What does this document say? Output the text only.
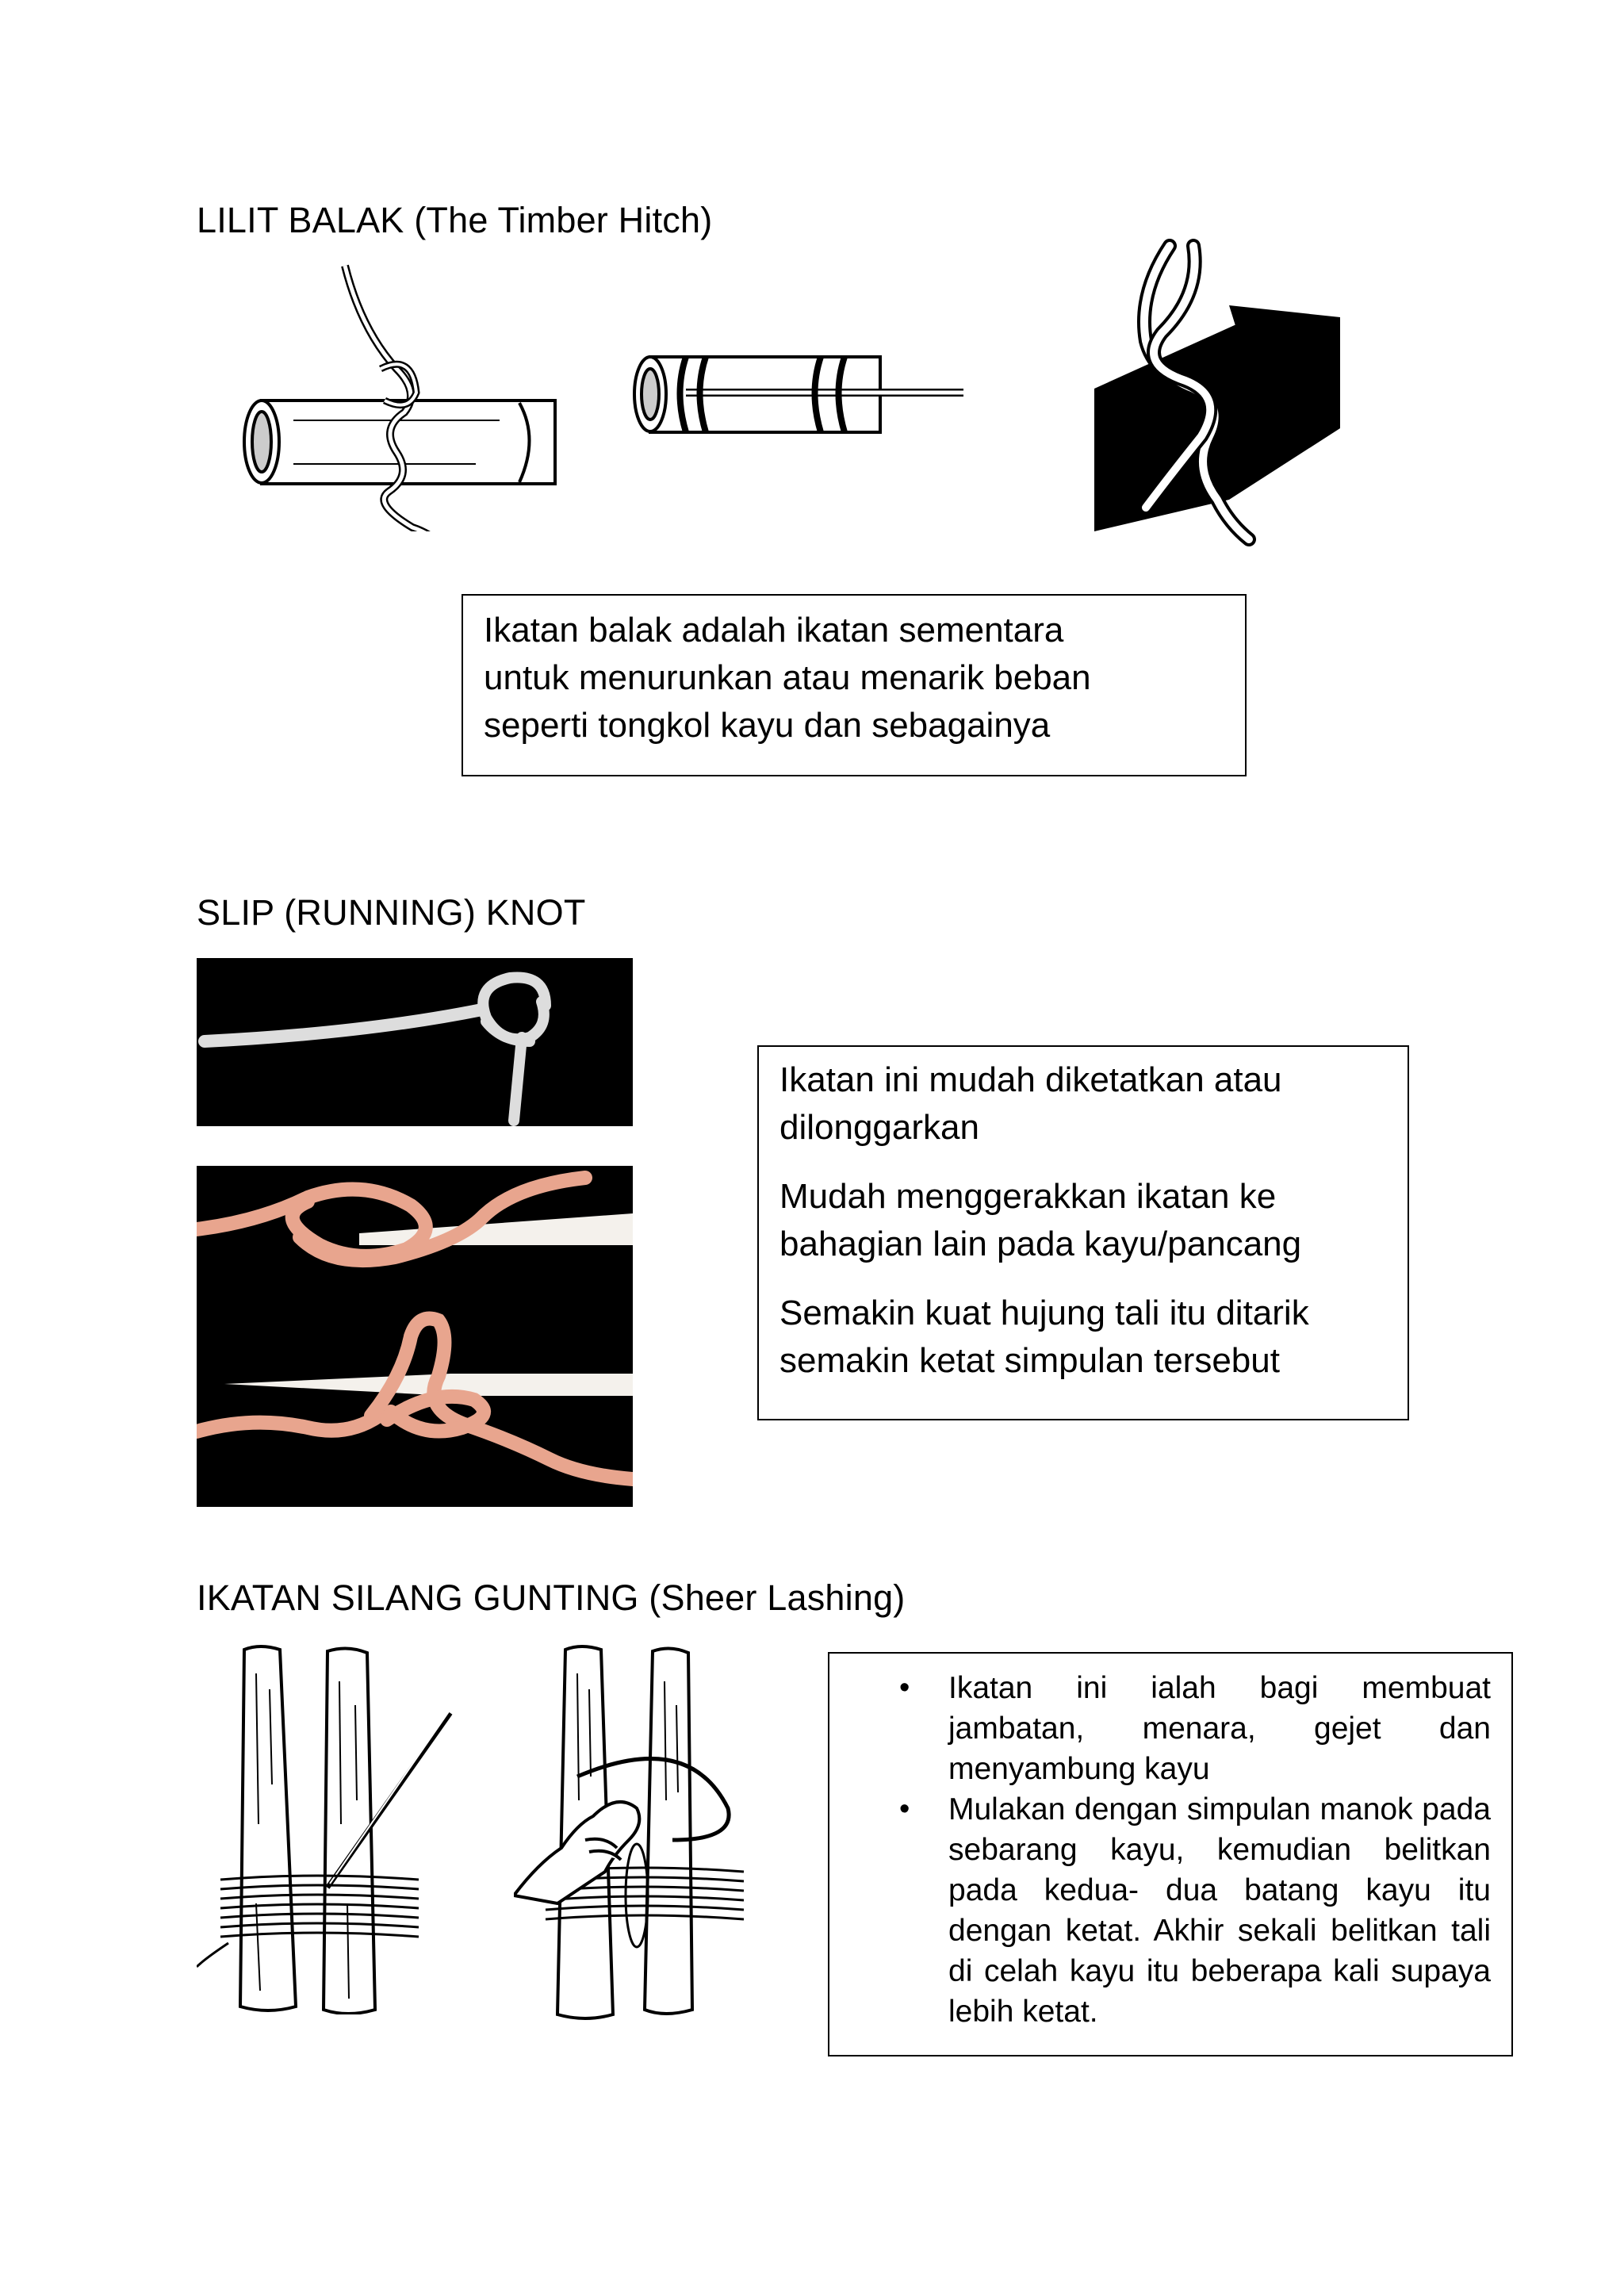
LILIT BALAK (The Timber Hitch)

Ikatan balak adalah ikatan sementara

untuk menurunkan atau menarik beban

seperti tongkol kayu dan sebagainya

SLIP (RUNNING) KNOT

Ikatan ini mudah diketatkan atau dilonggarkan

Mudah menggerakkan ikatan ke bahagian lain pada kayu/pancang

Semakin kuat hujung tali itu ditarik semakin ketat simpulan tersebut

IKATAN SILANG GUNTING (Sheer Lashing)
• Ikatan ini ialah bagi membuat jambatan, menara, gejet dan menyambung kayu
• Mulakan dengan simpulan manok pada sebarang kayu, kemudian belitkan pada kedua- dua batang kayu itu dengan ketat. Akhir sekali belitkan tali di celah kayu itu beberapa kali supaya lebih ketat.
